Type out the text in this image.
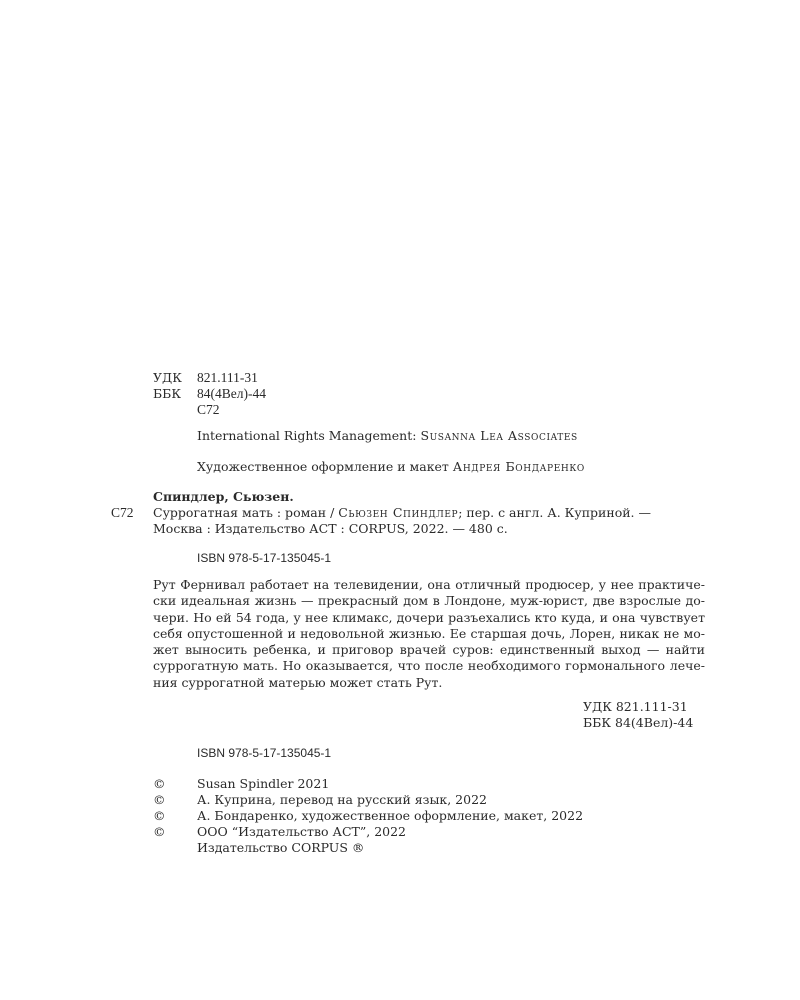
УДК 821.111-31
ББК 84(4Вел)-44
С72
International Rights Management: Susanna Lea Associates
Художественное оформление и макет Андрея Бондаренко
Спиндлер, Сьюзен.
С72 Суррогатная мать : роман / Сьюзен Спиндлер; пер. с англ. А. Куприной. —
Москва : Издательство АСТ : CORPUS, 2022. — 480 с.
ISBN 978-5-17-135045-1
Рут Фернивал работает на телевидении, она отличный продюсер, у нее практиче-
ски идеальная жизнь — прекрасный дом в Лондоне, муж-юрист, две взрослые до-
чери. Но ей 54 года, у нее климакс, дочери разъехались кто куда, и она чувствует
себя опустошенной и недовольной жизнью. Ее старшая дочь, Лорен, никак не мо-
жет выносить ребенка, и приговор врачей суров: единственный выход — найти
суррогатную мать. Но оказывается, что после необходимого гормонального лече-
ния суррогатной матерью может стать Рут.
УДК 821.111-31
ББК 84(4Вел)-44
ISBN 978-5-17-135045-1
©	Susan Spindler 2021
©	А. Куприна, перевод на русский язык, 2022
©	А. Бондаренко, художественное оформление, макет, 2022
©	ООО “Издательство АСТ”, 2022
Издательство CORPUS ®
